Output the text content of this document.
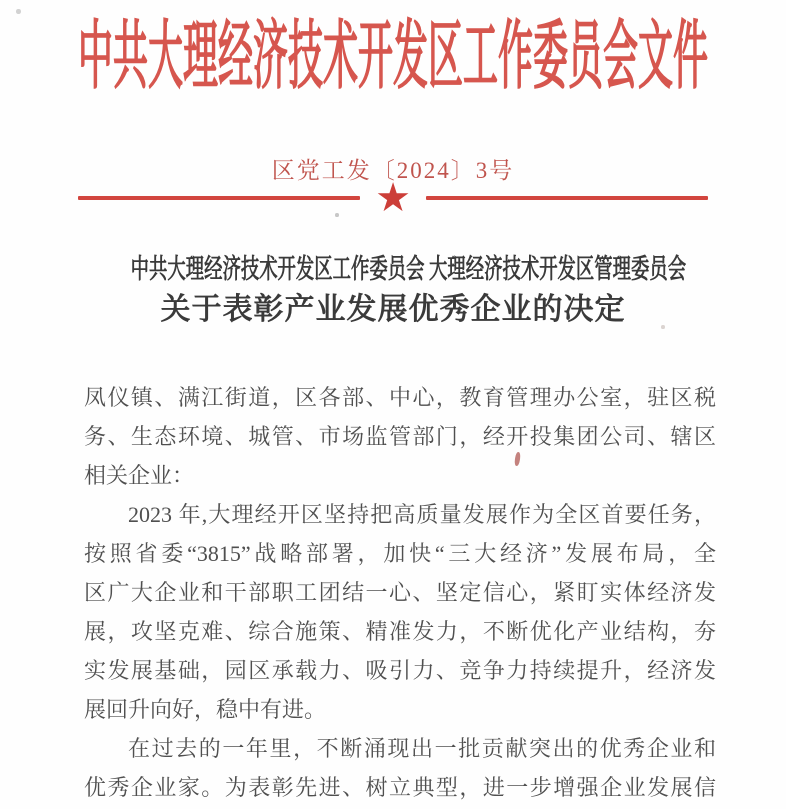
中共大理经济技术开发区工作委员会文件
区党工发〔2024〕3号
★
中共大理经济技术开发区工作委员会 大理经济技术开发区管理委员会
关于表彰产业发展优秀企业的决定
凤仪镇、满江街道，区各部、中心，教育管理办公室，驻区税
务、生态环境、城管、市场监管部门，经开投集团公司、辖区
相关企业：
2023 年,大理经开区坚持把高质量发展作为全区首要任务，
按照省委“3815”战略部署，加快“三大经济”发展布局，全
区广大企业和干部职工团结一心、坚定信心，紧盯实体经济发
展，攻坚克难、综合施策、精准发力，不断优化产业结构，夯
实发展基础，园区承载力、吸引力、竞争力持续提升，经济发
展回升向好，稳中有进。
在过去的一年里，不断涌现出一批贡献突出的优秀企业和
优秀企业家。为表彰先进、树立典型，进一步增强企业发展信
